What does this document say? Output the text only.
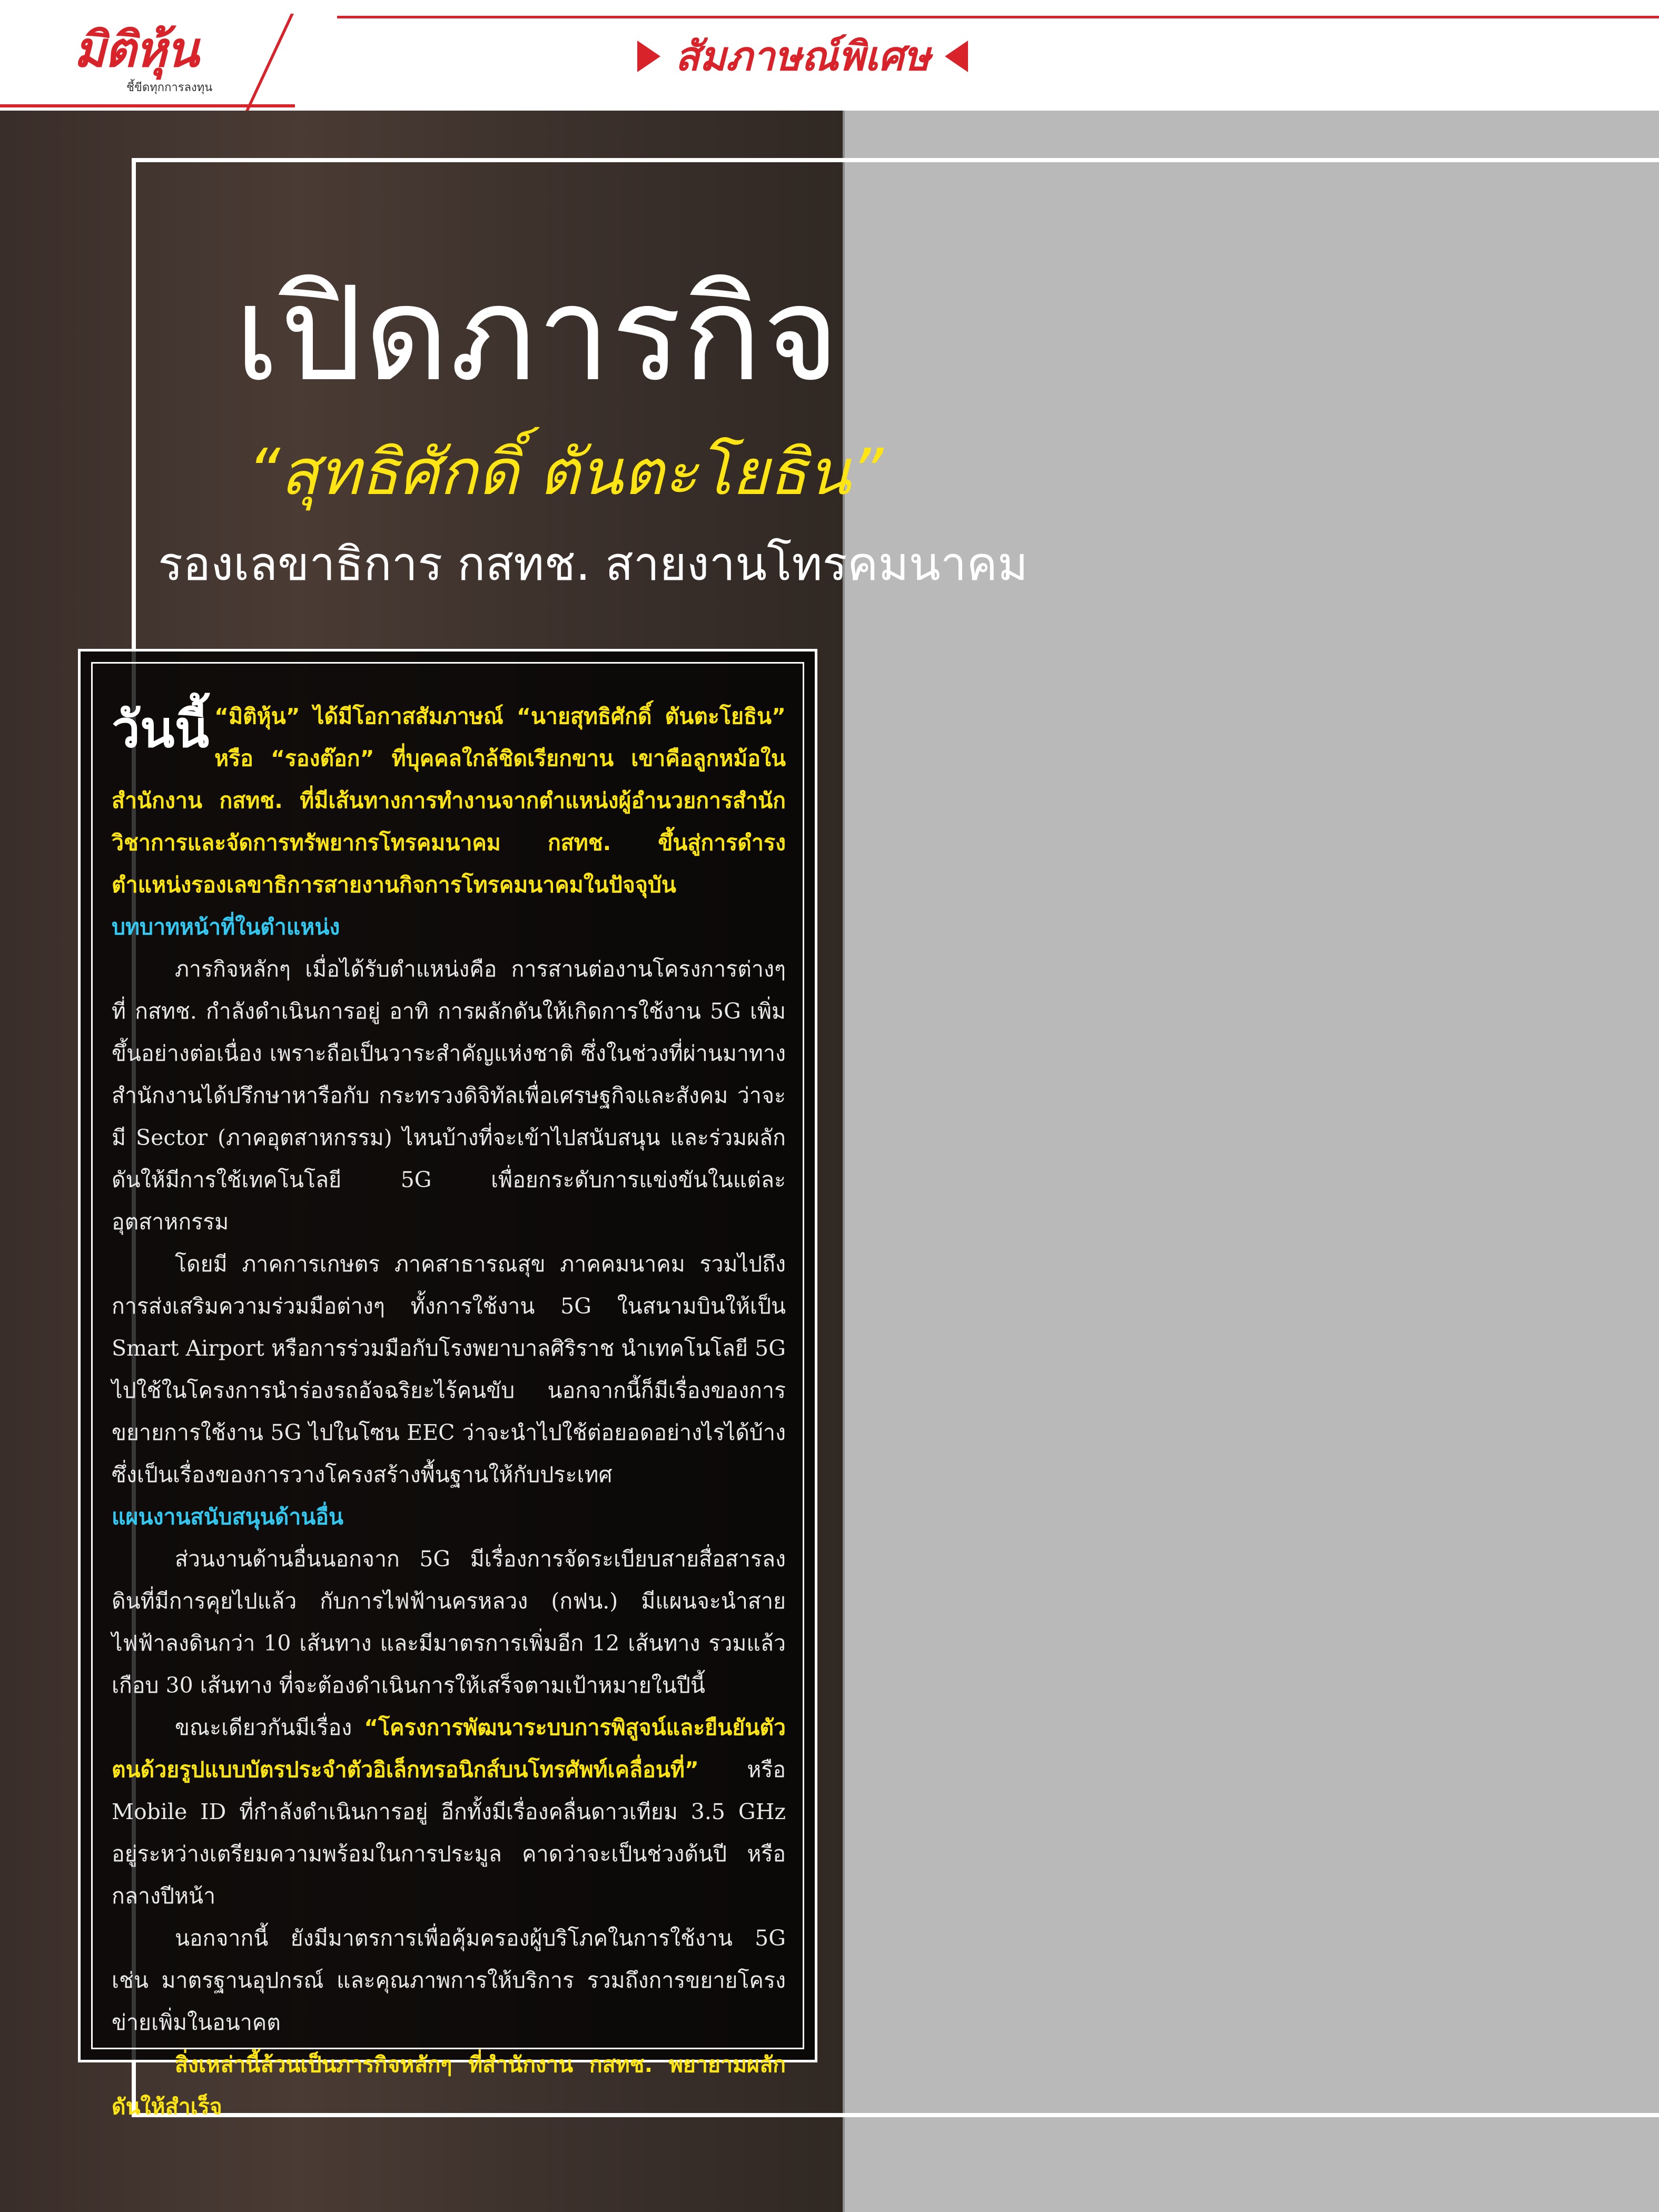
มิติหุ้น
ชี้ขีดทุกการลงทุน
สัมภาษณ์พิเศษ
เปิดภารกิจ
“สุทธิศักดิ์ ตันตะโยธิน”
รองเลขาธิการ กสทช. สายงานโทรคมนาคม

วันนี้ “มิติหุ้น” ได้มีโอกาสสัมภาษณ์ “นายสุทธิศักดิ์ ตันตะโยธิน” หรือ “รองต๊อก” ที่บุคคลใกล้ชิดเรียกขาน เขาคือลูกหม้อในสำนักงาน กสทช. ที่มีเส้นทางการทำงานจากตำแหน่งผู้อำนวยการสำนักวิชาการและจัดการทรัพยากรโทรคมนาคม กสทช. ขึ้นสู่การดำรงตำแหน่งรองเลขาธิการสายงานกิจการโทรคมนาคมในปัจจุบัน

บทบาทหน้าที่ในตำแหน่ง

ภารกิจหลักๆ เมื่อได้รับตำแหน่งคือ การสานต่องานโครงการต่างๆ ที่ กสทช. กำลังดำเนินการอยู่ อาทิ การผลักดันให้เกิดการใช้งาน 5G เพิ่มขึ้นอย่างต่อเนื่อง เพราะถือเป็นวาระสำคัญแห่งชาติ ซึ่งในช่วงที่ผ่านมาทางสำนักงานได้ปรึกษาหารือกับ กระทรวงดิจิทัลเพื่อเศรษฐกิจและสังคม ว่าจะมี Sector (ภาคอุตสาหกรรม) ไหนบ้างที่จะเข้าไปสนับสนุน และร่วมผลักดันให้มีการใช้เทคโนโลยี 5G เพื่อยกระดับการแข่งขันในแต่ละอุตสาหกรรม

โดยมี ภาคการเกษตร ภาคสาธารณสุข ภาคคมนาคม รวมไปถึงการส่งเสริมความร่วมมือต่างๆ ทั้งการใช้งาน 5G ในสนามบินให้เป็น Smart Airport หรือการร่วมมือกับโรงพยาบาลศิริราช นำเทคโนโลยี 5G ไปใช้ในโครงการนำร่องรถอัจฉริยะไร้คนขับ นอกจากนี้ก็มีเรื่องของการขยายการใช้งาน 5G ไปในโซน EEC ว่าจะนำไปใช้ต่อยอดอย่างไรได้บ้าง ซึ่งเป็นเรื่องของการวางโครงสร้างพื้นฐานให้กับประเทศ

แผนงานสนับสนุนด้านอื่น

ส่วนงานด้านอื่นนอกจาก 5G มีเรื่องการจัดระเบียบสายสื่อสารลงดินที่มีการคุยไปแล้ว กับการไฟฟ้านครหลวง (กฟน.) มีแผนจะนำสายไฟฟ้าลงดินกว่า 10 เส้นทาง และมีมาตรการเพิ่มอีก 12 เส้นทาง รวมแล้วเกือบ 30 เส้นทาง ที่จะต้องดำเนินการให้เสร็จตามเป้าหมายในปีนี้

ขณะเดียวกันมีเรื่อง “โครงการพัฒนาระบบการพิสูจน์และยืนยันตัวตนด้วยรูปแบบบัตรประจำตัวอิเล็กทรอนิกส์บนโทรศัพท์เคลื่อนที่” หรือ Mobile ID ที่กำลังดำเนินการอยู่ อีกทั้งมีเรื่องคลื่นดาวเทียม 3.5 GHz อยู่ระหว่างเตรียมความพร้อมในการประมูล คาดว่าจะเป็นช่วงต้นปี หรือกลางปีหน้า

นอกจากนี้ ยังมีมาตรการเพื่อคุ้มครองผู้บริโภคในการใช้งาน 5G เช่น มาตรฐานอุปกรณ์ และคุณภาพการให้บริการ รวมถึงการขยายโครงข่ายเพิ่มในอนาคต

สิ่งเหล่านี้ล้วนเป็นภารกิจหลักๆ ที่สำนักงาน กสทช. พยายามผลักดันให้สำเร็จ
